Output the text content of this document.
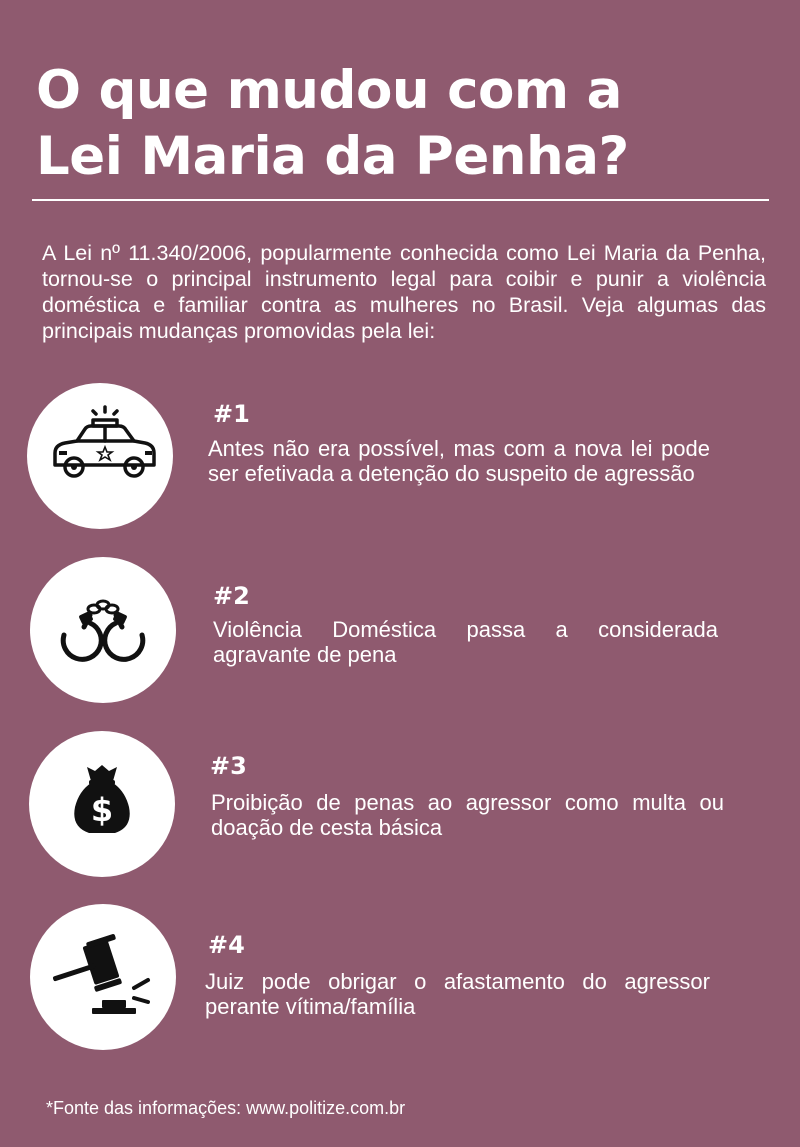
O que mudou com a
Lei Maria da Penha?

A Lei nº 11.340/2006, popularmente conhecida como Lei Maria da Penha, tornou-se o principal instrumento legal para coibir e punir a violência doméstica e familiar contra as mulheres no Brasil. Veja algumas das principais mudanças promovidas pela lei:

#1

Antes não era possível, mas com a nova lei pode ser efetivada a detenção do suspeito de agressão

#2

Violência Doméstica passa a considerada agravante de pena

$
#3

Proibição de penas ao agressor como multa ou doação de cesta básica

#4

Juiz pode obrigar o afastamento do agressor perante vítima/família

*Fonte das informações: www.politize.com.br
